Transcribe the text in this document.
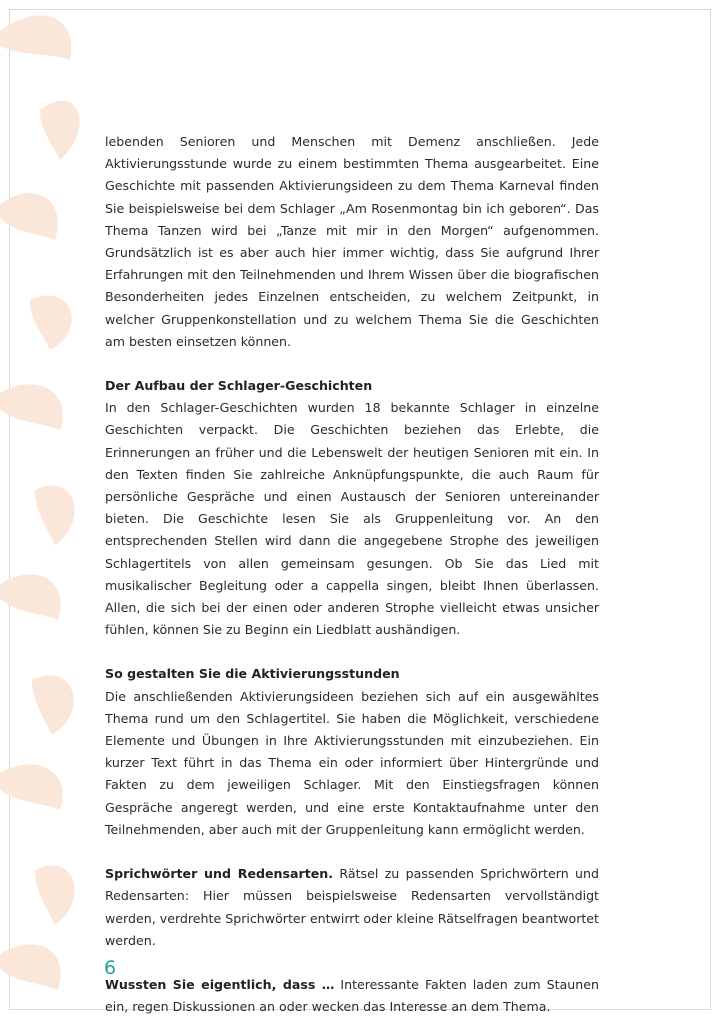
lebenden Senioren und Menschen mit Demenz anschließen. Jede Aktivierungsstunde wurde zu einem bestimmten Thema ausgearbeitet. Eine Geschichte mit passenden Aktivierungsideen zu dem Thema Karneval finden Sie beispielsweise bei dem Schlager „Am Rosenmontag bin ich geboren“. Das Thema Tanzen wird bei „Tanze mit mir in den Morgen“ aufgenommen. Grundsätzlich ist es aber auch hier immer wichtig, dass Sie aufgrund Ihrer Erfahrungen mit den Teilnehmenden und Ihrem Wissen über die biografischen Besonderheiten jedes Einzelnen entscheiden, zu welchem Zeitpunkt, in welcher Gruppenkonstellation und zu welchem Thema Sie die Geschichten am besten einsetzen können.

Der Aufbau der Schlager-Geschichten

In den Schlager-Geschichten wurden 18 bekannte Schlager in einzelne Geschichten verpackt. Die Geschichten beziehen das Erlebte, die Erinnerungen an früher und die Lebenswelt der heutigen Senioren mit ein. In den Texten finden Sie zahlreiche Anknüpfungspunkte, die auch Raum für persönliche Gespräche und einen Austausch der Senioren untereinander bieten. Die Geschichte lesen Sie als Gruppenleitung vor. An den entsprechenden Stellen wird dann die angegebene Strophe des jeweiligen Schlagertitels von allen gemeinsam gesungen. Ob Sie das Lied mit musikalischer Begleitung oder a cappella singen, bleibt Ihnen überlassen. Allen, die sich bei der einen oder anderen Strophe vielleicht etwas unsicher fühlen, können Sie zu Beginn ein Liedblatt aushändigen.

So gestalten Sie die Aktivierungsstunden

Die anschließenden Aktivierungsideen beziehen sich auf ein ausgewähltes Thema rund um den Schlagertitel. Sie haben die Möglichkeit, verschiedene Elemente und Übungen in Ihre Aktivierungsstunden mit einzubeziehen. Ein kurzer Text führt in das Thema ein oder informiert über Hintergründe und Fakten zu dem jeweiligen Schlager. Mit den Einstiegsfragen können Gespräche angeregt werden, und eine erste Kontaktaufnahme unter den Teilnehmenden, aber auch mit der Gruppenleitung kann ermöglicht werden.

Sprichwörter und Redensarten. Rätsel zu passenden Sprichwörtern und Redensarten: Hier müssen beispielsweise Redensarten vervollständigt werden, verdrehte Sprichwörter entwirrt oder kleine Rätselfragen beantwortet werden.

Wussten Sie eigentlich, dass … Interessante Fakten laden zum Staunen ein, regen Diskussionen an oder wecken das Interesse an dem Thema.

6
